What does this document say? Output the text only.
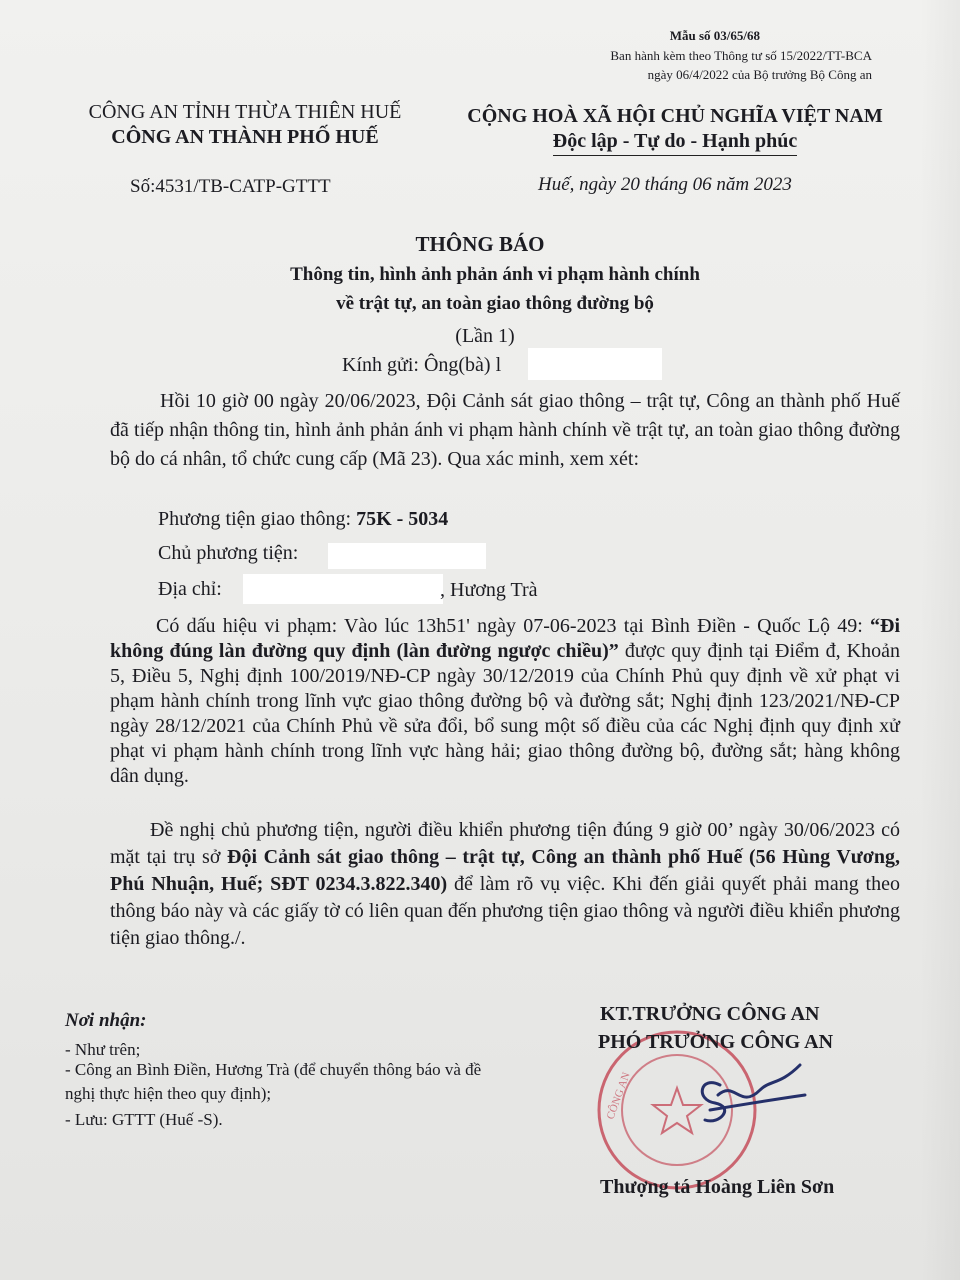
Mẫu số 03/65/68
Ban hành kèm theo Thông tư số 15/2022/TT-BCA
ngày 06/4/2022 của Bộ trưởng Bộ Công an
CÔNG AN TỈNH THỪA THIÊN HUẾ
CÔNG AN THÀNH PHỐ HUẾ
CỘNG HOÀ XÃ HỘI CHỦ NGHĨA VIỆT NAM
Độc lập - Tự do - Hạnh phúc
Số:4531/TB-CATP-GTTT	Huế, ngày 20 tháng 06 năm 2023
THÔNG BÁO
Thông tin, hình ảnh phản ánh vi phạm hành chính
về trật tự, an toàn giao thông đường bộ
(Lần 1)
Kính gửi: Ông(bà) l
Hồi 10 giờ 00 ngày 20/06/2023, Đội Cảnh sát giao thông – trật tự, Công an thành phố Huế đã tiếp nhận thông tin, hình ảnh phản ánh vi phạm hành chính về trật tự, an toàn giao thông đường bộ do cá nhân, tổ chức cung cấp (Mã 23). Qua xác minh, xem xét:
Phương tiện giao thông: 75K - 5034
Chủ phương tiện:
Địa chỉ:	, Hương Trà
Có dấu hiệu vi phạm: Vào lúc 13h51' ngày 07-06-2023 tại Bình Điền - Quốc Lộ 49: “Đi không đúng làn đường quy định (làn đường ngược chiều)” được quy định tại Điểm đ, Khoản 5, Điều 5, Nghị định 100/2019/NĐ-CP ngày 30/12/2019 của Chính Phủ quy định về xử phạt vi phạm hành chính trong lĩnh vực giao thông đường bộ và đường sắt; Nghị định 123/2021/NĐ-CP ngày 28/12/2021 của Chính Phủ về sửa đổi, bổ sung một số điều của các Nghị định quy định xử phạt vi phạm hành chính trong lĩnh vực hàng hải; giao thông đường bộ, đường sắt; hàng không dân dụng.
Đề nghị chủ phương tiện, người điều khiển phương tiện đúng 9 giờ 00’ ngày 30/06/2023 có mặt tại trụ sở Đội Cảnh sát giao thông – trật tự, Công an thành phố Huế (56 Hùng Vương, Phú Nhuận, Huế; SĐT 0234.3.822.340) để làm rõ vụ việc. Khi đến giải quyết phải mang theo thông báo này và các giấy tờ có liên quan đến phương tiện giao thông và người điều khiển phương tiện giao thông./.
Nơi nhận:
- Như trên;
- Công an Bình Điền, Hương Trà (để chuyển thông báo và đề nghị thực hiện theo quy định);
- Lưu: GTTT (Huế -S).	CÔNG AN
KT.TRƯỞNG CÔNG AN
PHÓ TRƯỞNG CÔNG AN
Thượng tá Hoàng Liên Sơn
